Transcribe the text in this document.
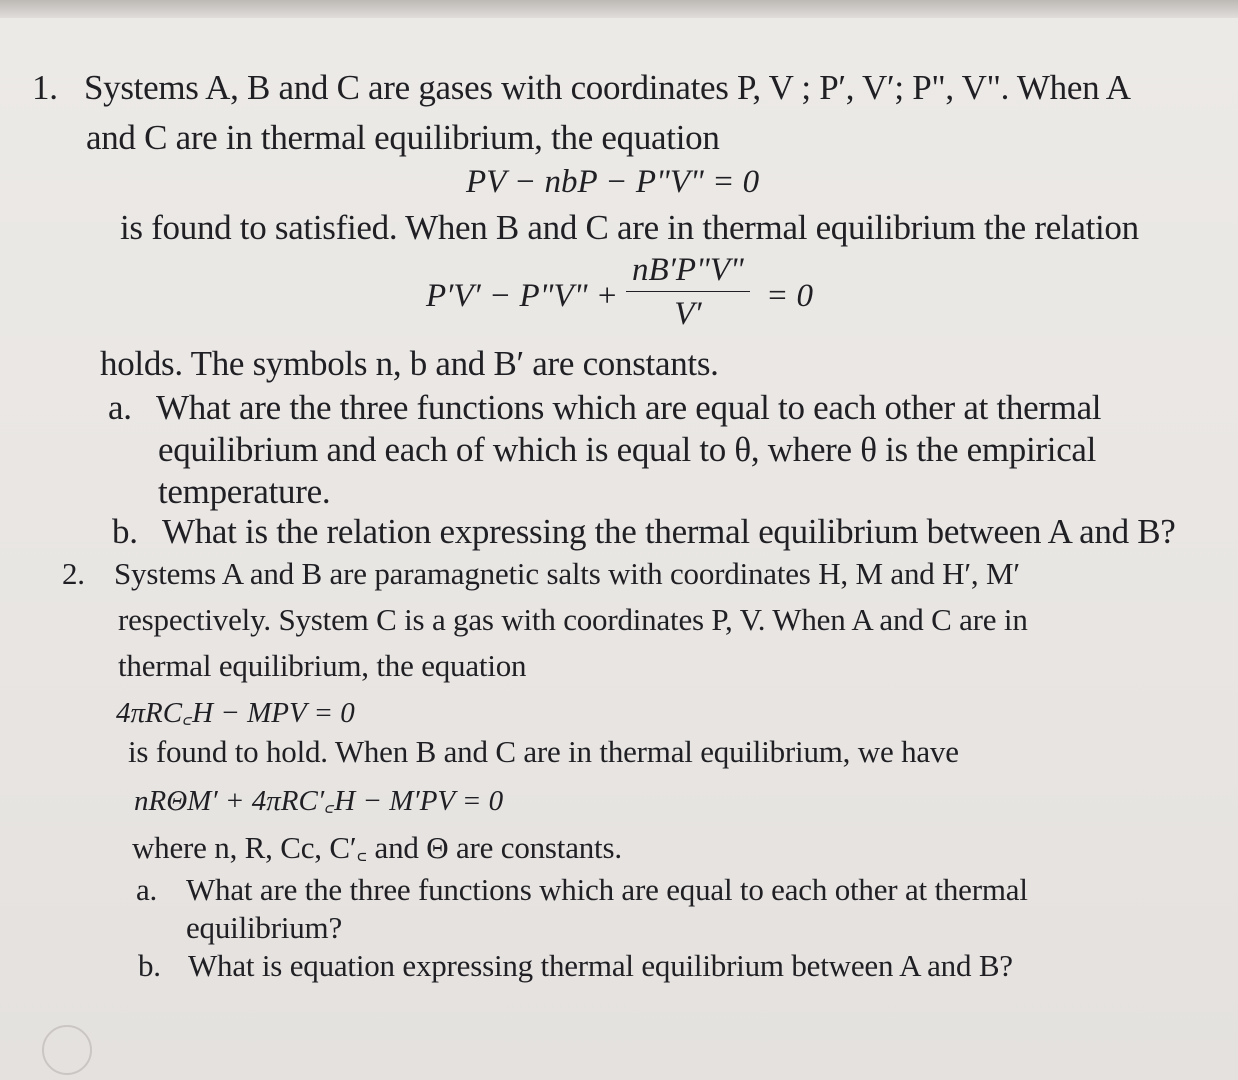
1. Systems A, B and C are gases with coordinates P, V ; P′, V′; P", V". When A
and C are in thermal equilibrium, the equation
PV − nbP − P"V" = 0
is found to satisfied. When B and C are in thermal equilibrium the relation
P′V′ − P"V" + $\frac{nB'P"V"}{V'} = 0$
holds. The symbols n, b and B′ are constants.
a. What are the three functions which are equal to each other at thermal
equilibrium and each of which is equal to θ, where θ is the empirical
temperature.
b. What is the relation expressing the thermal equilibrium between A and B?
2. Systems A and B are paramagnetic salts with coordinates H, M and H′, M′
respectively. System C is a gas with coordinates P, V. When A and C are in
thermal equilibrium, the equation
4πRC꜀H − MPV = 0
is found to hold. When B and C are in thermal equilibrium, we have
nRΘM′ + 4πRC′꜀H − M′PV = 0
where n, R, Cc, C′꜀ and Θ are constants.
a. What are the three functions which are equal to each other at thermal
equilibrium?
b. What is equation expressing thermal equilibrium between A and B?
